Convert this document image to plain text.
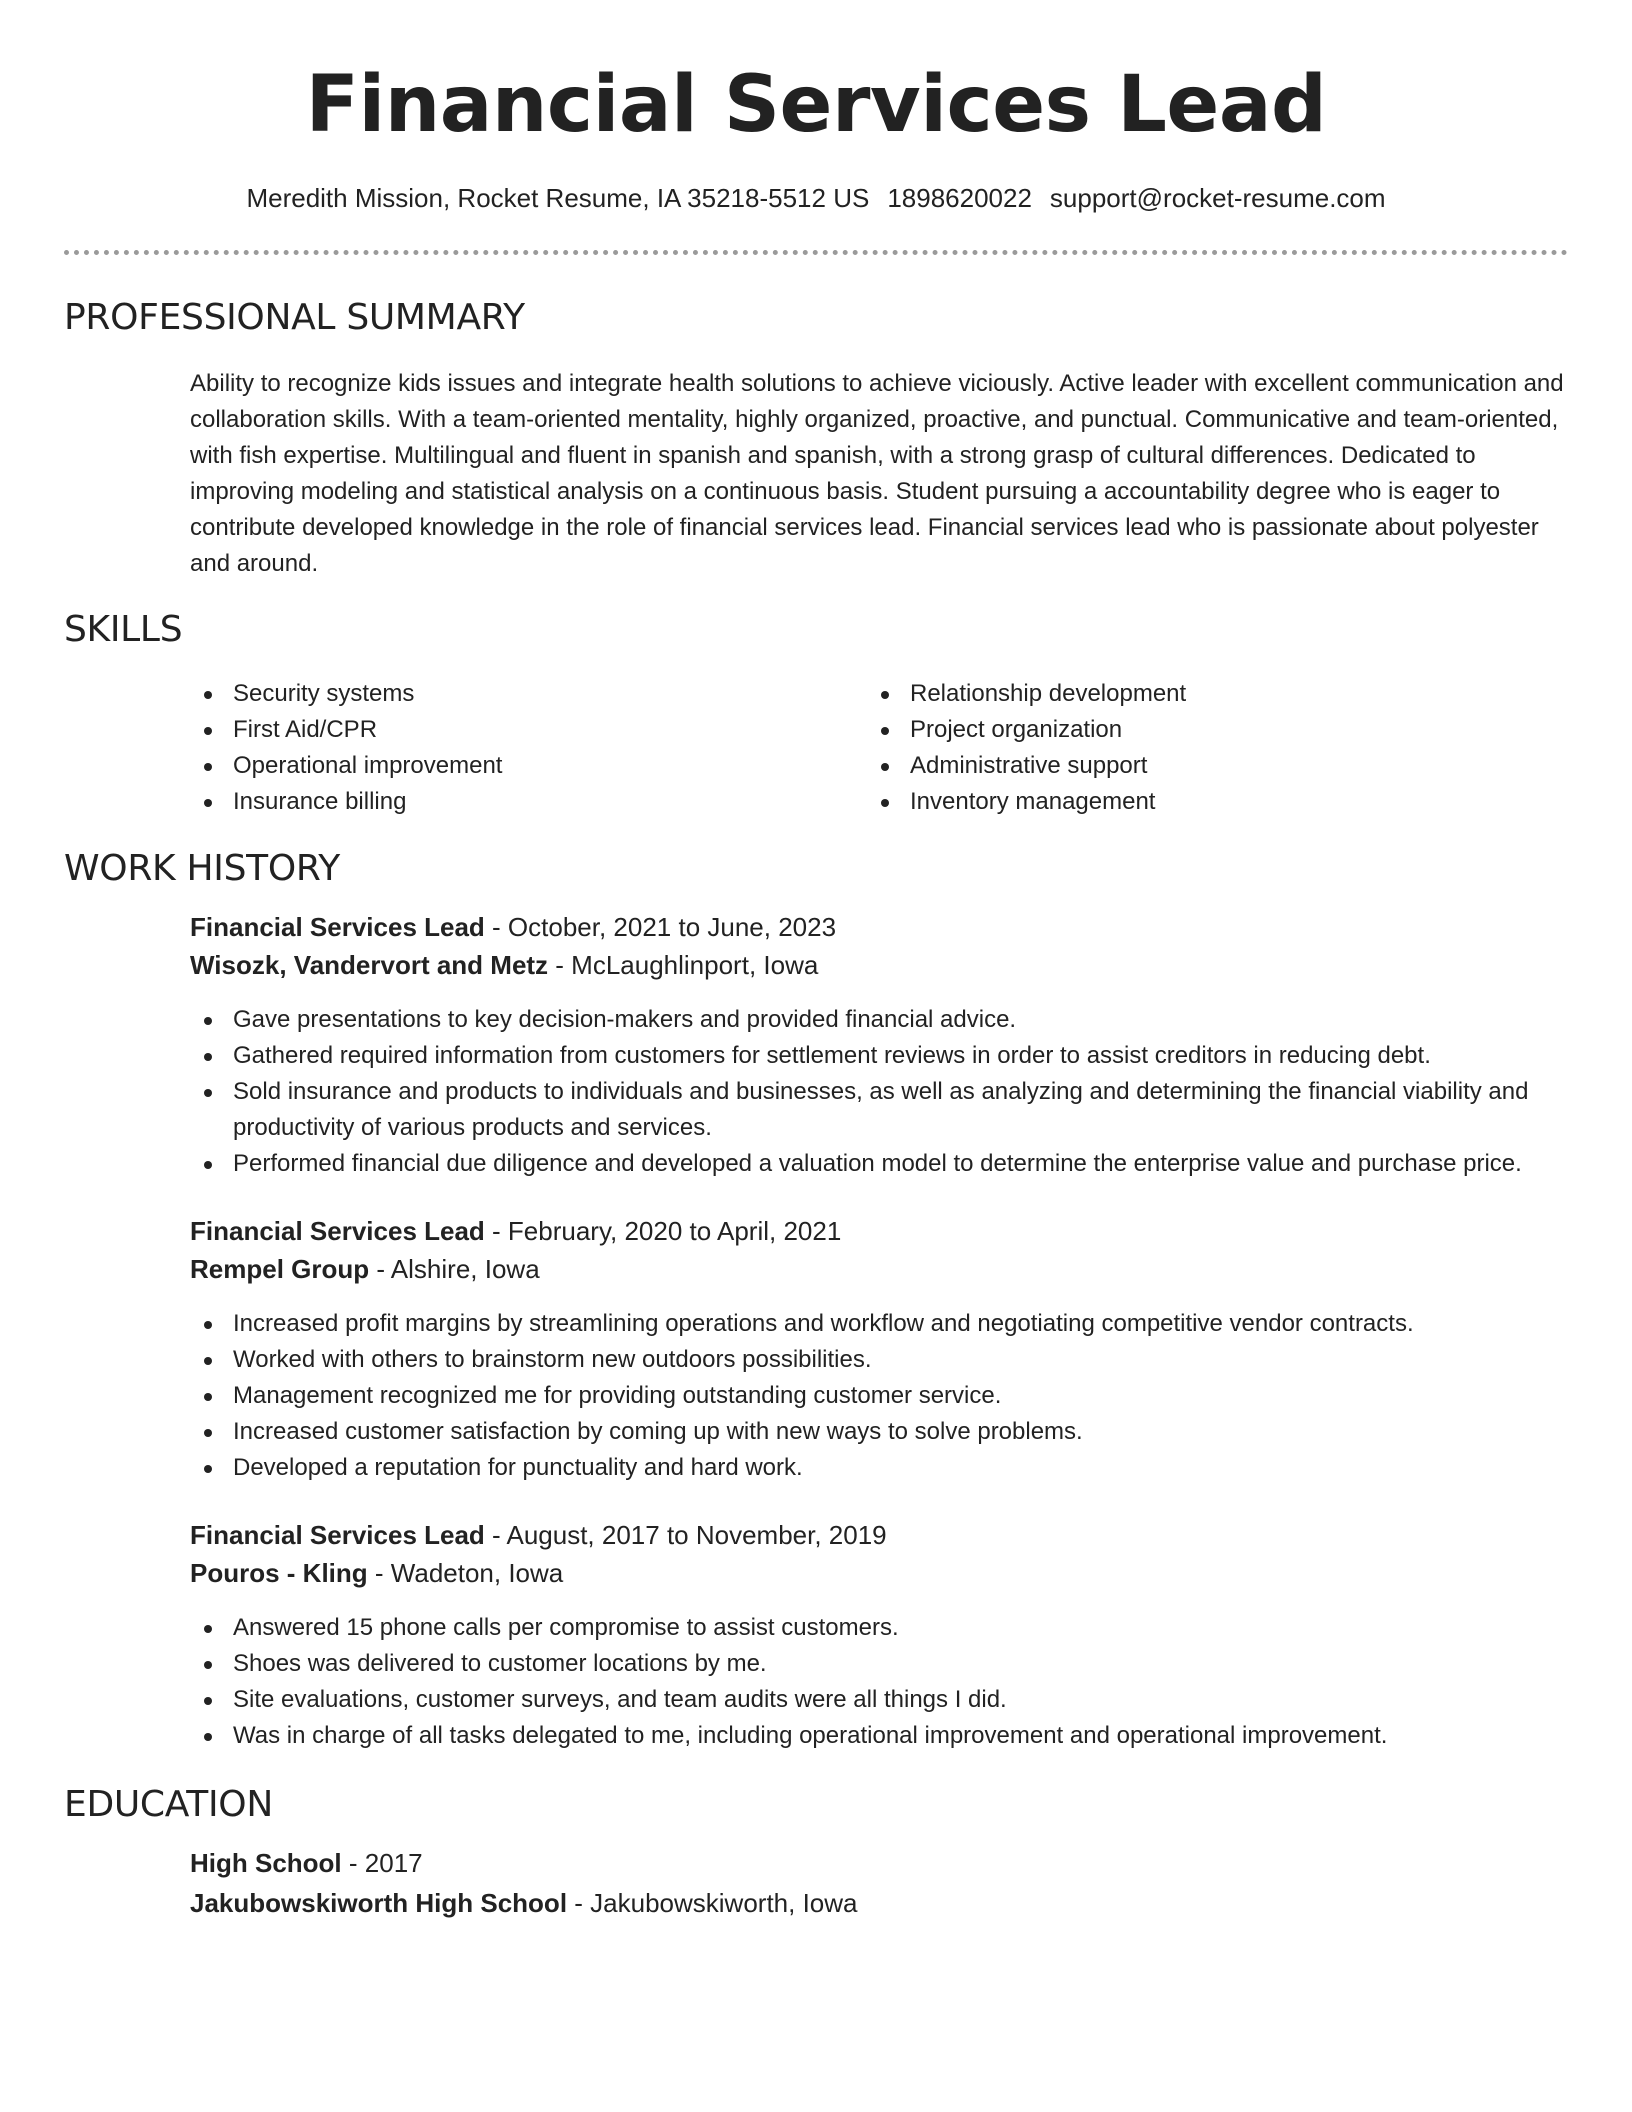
Financial Services Lead
Meredith Mission, Rocket Resume, IA 35218-5512 US 1898620022 support@rocket-resume.com
PROFESSIONAL SUMMARY

Ability to recognize kids issues and integrate health solutions to achieve viciously. Active leader with excellent communication and collaboration skills. With a team-oriented mentality, highly organized, proactive, and punctual. Communicative and team-oriented, with fish expertise. Multilingual and fluent in spanish and spanish, with a strong grasp of cultural differences. Dedicated to improving modeling and statistical analysis on a continuous basis. Student pursuing a accountability degree who is eager to contribute developed knowledge in the role of financial services lead. Financial services lead who is passionate about polyester and around.

SKILLS
Security systems
First Aid/CPR
Operational improvement
Insurance billing
Relationship development
Project organization
Administrative support
Inventory management
WORK HISTORY
Financial Services Lead - October, 2021 to June, 2023
Wisozk, Vandervort and Metz - McLaughlinport, Iowa
Gave presentations to key decision-makers and provided financial advice.
Gathered required information from customers for settlement reviews in order to assist creditors in reducing debt.
Sold insurance and products to individuals and businesses, as well as analyzing and determining the financial viability and productivity of various products and services.
Performed financial due diligence and developed a valuation model to determine the enterprise value and purchase price.
Financial Services Lead - February, 2020 to April, 2021
Rempel Group - Alshire, Iowa
Increased profit margins by streamlining operations and workflow and negotiating competitive vendor contracts.
Worked with others to brainstorm new outdoors possibilities.
Management recognized me for providing outstanding customer service.
Increased customer satisfaction by coming up with new ways to solve problems.
Developed a reputation for punctuality and hard work.
Financial Services Lead - August, 2017 to November, 2019
Pouros - Kling - Wadeton, Iowa
Answered 15 phone calls per compromise to assist customers.
Shoes was delivered to customer locations by me.
Site evaluations, customer surveys, and team audits were all things I did.
Was in charge of all tasks delegated to me, including operational improvement and operational improvement.
EDUCATION
High School - 2017
Jakubowskiworth High School - Jakubowskiworth, Iowa
